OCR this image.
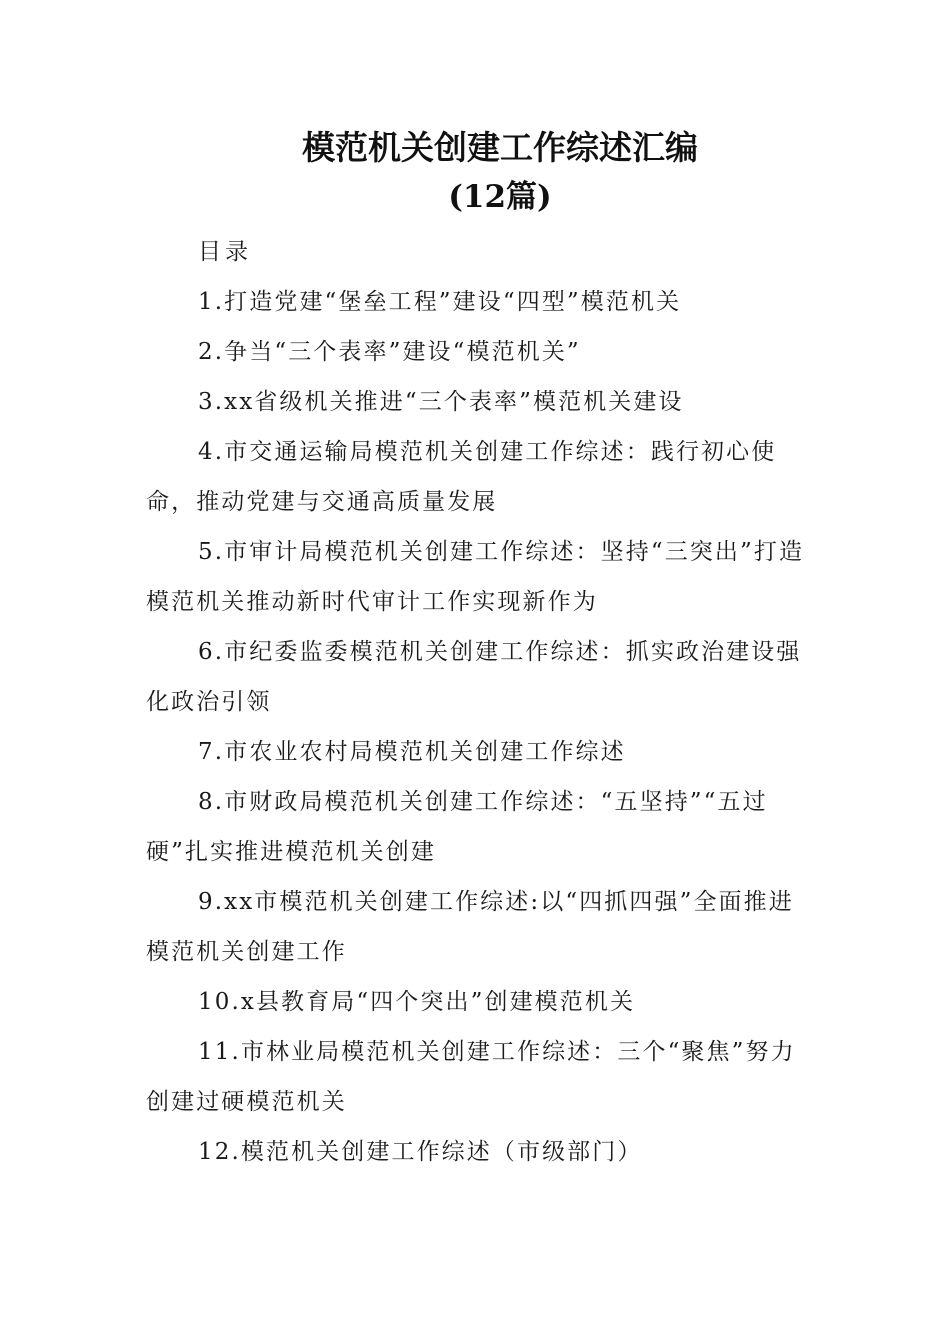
模范机关创建工作综述汇编
(12篇)

目录

1.打造党建“堡垒工程”建设“四型”模范机关

2.争当“三个表率”建设“模范机关”

3.xx省级机关推进“三个表率”模范机关建设

4.市交通运输局模范机关创建工作综述：践行初心使命，推动党建与交通高质量发展

5.市审计局模范机关创建工作综述：坚持“三突出”打造模范机关推动新时代审计工作实现新作为

6.市纪委监委模范机关创建工作综述：抓实政治建设强化政治引领

7.市农业农村局模范机关创建工作综述

8.市财政局模范机关创建工作综述：“五坚持”“五过硬”扎实推进模范机关创建

9.xx市模范机关创建工作综述:以“四抓四强”全面推进模范机关创建工作

10.x县教育局“四个突出”创建模范机关

11.市林业局模范机关创建工作综述：三个“聚焦”努力创建过硬模范机关

12.模范机关创建工作综述（市级部门）
